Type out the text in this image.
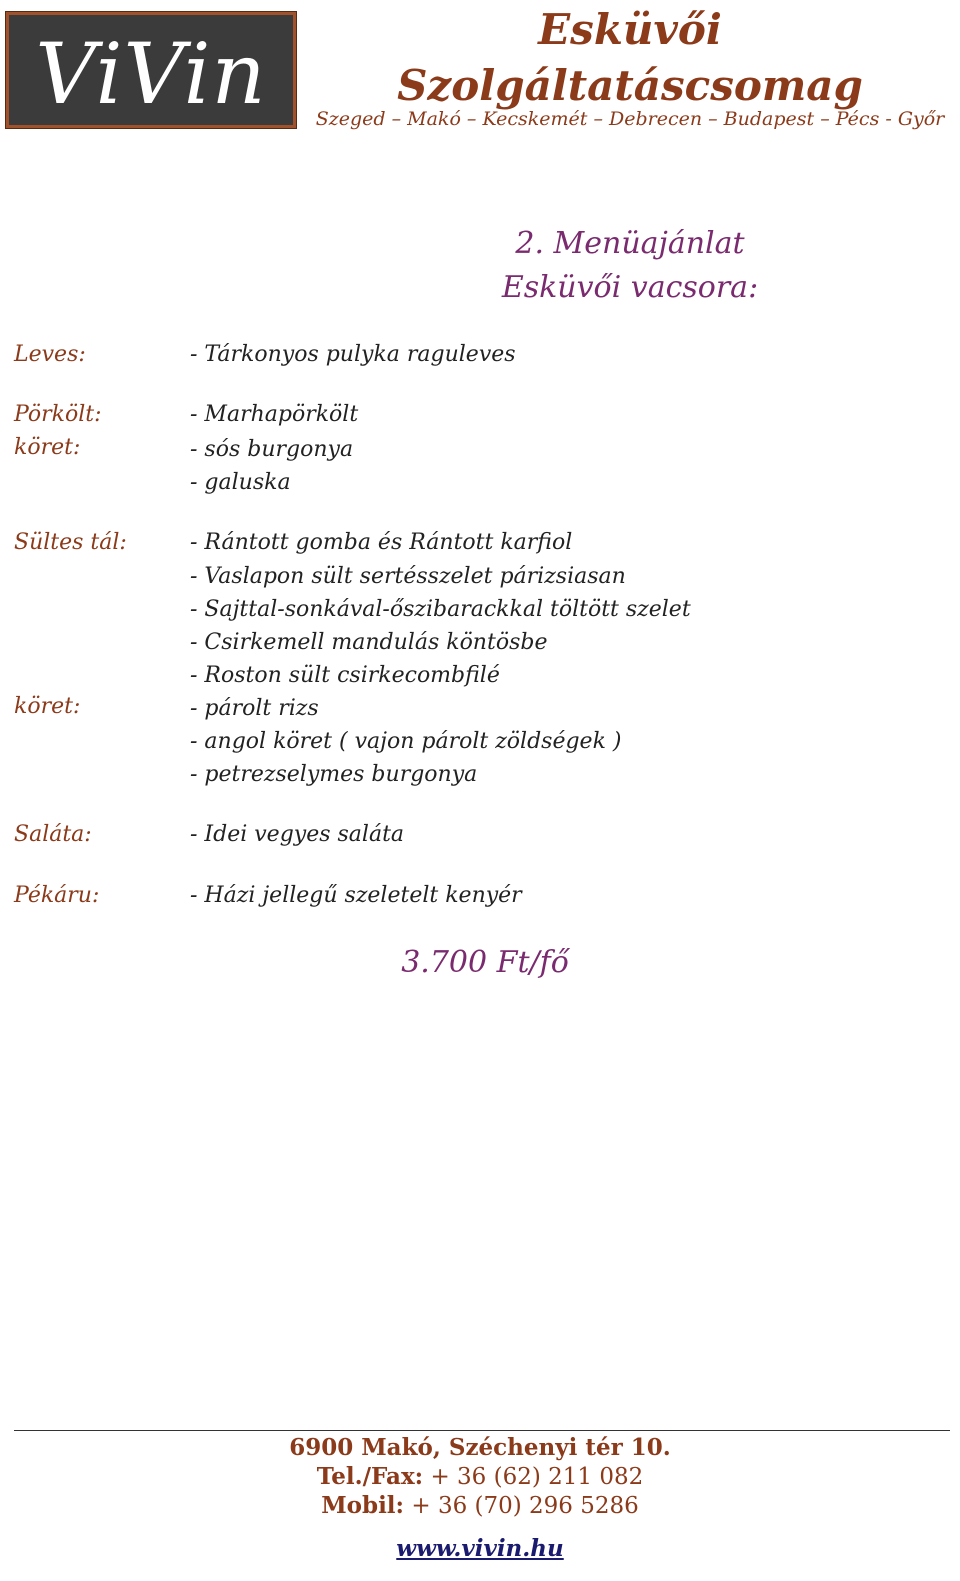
ViVin	Esküvői
Szolgáltatáscsomag
Szeged – Makó – Kecskemét – Debrecen – Budapest – Pécs - Győr
2. Menüajánlat
Esküvői vacsora:
Leves:
Pörkölt:
köret:
Sültes tál:
köret:
Saláta:
Pékáru:
- Tárkonyos pulyka raguleves
- Marhapörkölt
- sós burgonya
- galuska
- Rántott gomba és Rántott karfiol
- Vaslapon sült sertésszelet párizsiasan
- Sajttal-sonkával-őszibarackkal töltött szelet
- Csirkemell mandulás köntösbe
- Roston sült csirkecombfilé
- párolt rizs
- angol köret ( vajon párolt zöldségek )
- petrezselymes burgonya
- Idei vegyes saláta
- Házi jellegű szeletelt kenyér
3.700 Ft/fő
6900 Makó, Széchenyi tér 10.
Tel./Fax: + 36 (62) 211 082
Mobil: + 36 (70) 296 5286
www.vivin.hu
